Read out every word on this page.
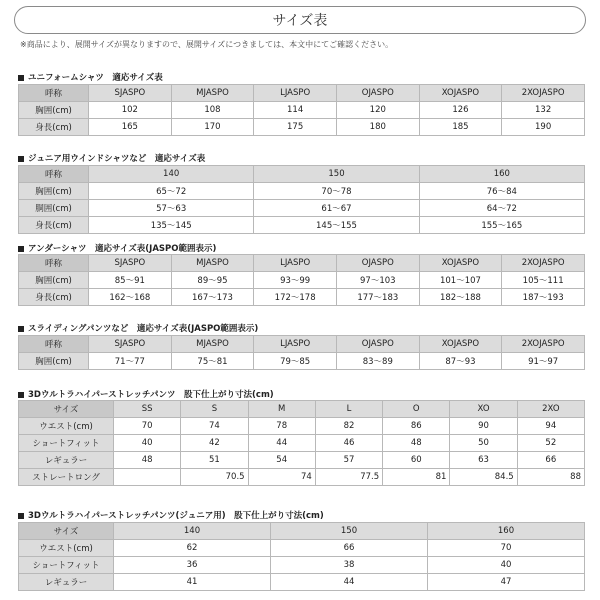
サイズ表
※商品により、展開サイズが異なりますので、展開サイズにつきましては、本文中にてご確認ください。
ユニフォームシャツ　適応サイズ表
呼称	SJASPO	MJASPO	LJASPO	OJASPO	XOJASPO	2XOJASPO
胸囲(cm)	102	108	114	120	126	132
身長(cm)	165	170	175	180	185	190
ジュニア用ウインドシャツなど　適応サイズ表
呼称	140	150	160
胸囲(cm)	65〜72	70〜78	76〜84
胴囲(cm)	57〜63	61〜67	64〜72
身長(cm)	135〜145	145〜155	155〜165
アンダーシャツ　適応サイズ表(JASPO範囲表示)
呼称	SJASPO	MJASPO	LJASPO	OJASPO	XOJASPO	2XOJASPO
胸囲(cm)	85〜91	89〜95	93〜99	97〜103	101〜107	105〜111
身長(cm)	162〜168	167〜173	172〜178	177〜183	182〜188	187〜193
スライディングパンツなど　適応サイズ表(JASPO範囲表示)
呼称	SJASPO	MJASPO	LJASPO	OJASPO	XOJASPO	2XOJASPO
胸囲(cm)	71〜77	75〜81	79〜85	83〜89	87〜93	91〜97
3Dウルトラハイパーストレッチパンツ　股下仕上がり寸法(cm)
サイズ	SS	S	M	L	O	XO	2XO
ウエスト(cm)	70	74	78	82	86	90	94
ショートフィット	40	42	44	46	48	50	52
レギュラー	48	51	54	57	60	63	66
ストレートロング		70.5	74	77.5	81	84.5	88
3Dウルトラハイパーストレッチパンツ(ジュニア用)　股下仕上がり寸法(cm)
サイズ	140	150	160
ウエスト(cm)	62	66	70
ショートフィット	36	38	40
レギュラー	41	44	47
